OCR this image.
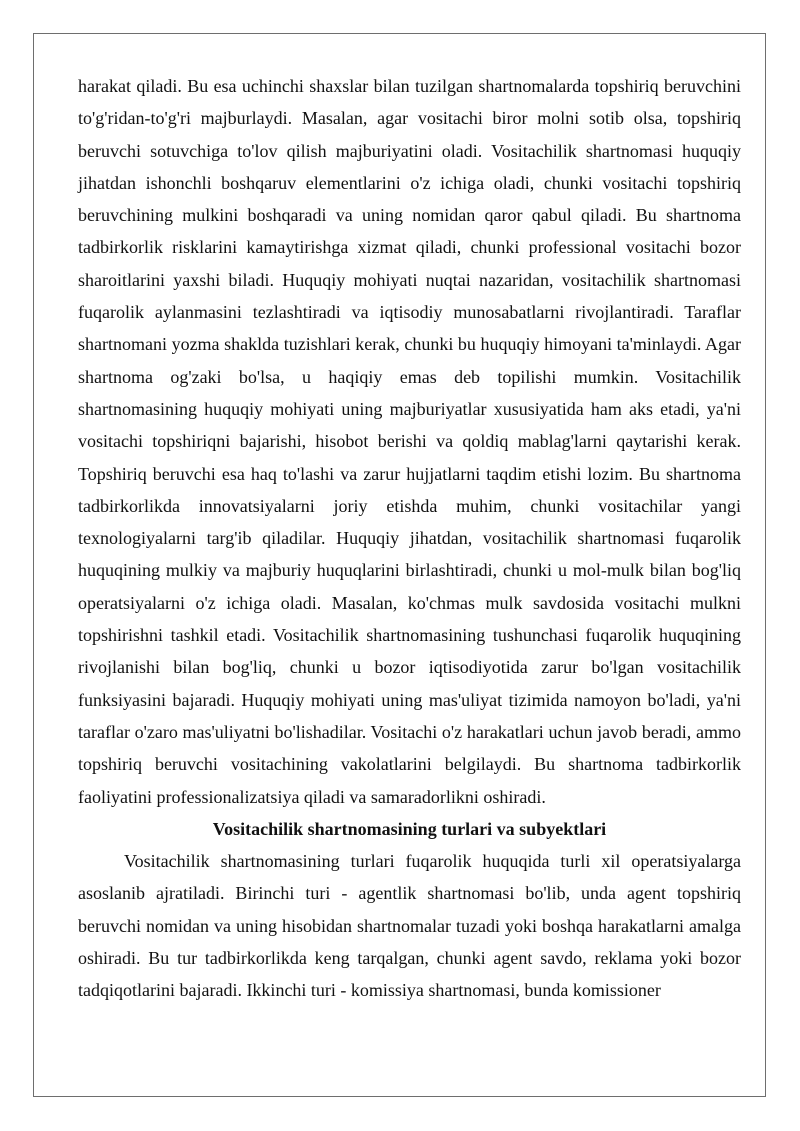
harakat qiladi. Bu esa uchinchi shaxslar bilan tuzilgan shartnomalarda topshiriq beruvchini to'g'ridan-to'g'ri majburlaydi. Masalan, agar vositachi biror molni sotib olsa, topshiriq beruvchi sotuvchiga to'lov qilish majburiyatini oladi. Vositachilik shartnomasi huquqiy jihatdan ishonchli boshqaruv elementlarini o'z ichiga oladi, chunki vositachi topshiriq beruvchining mulkini boshqaradi va uning nomidan qaror qabul qiladi. Bu shartnoma tadbirkorlik risklarini kamaytirishga xizmat qiladi, chunki professional vositachi bozor sharoitlarini yaxshi biladi. Huquqiy mohiyati nuqtai nazaridan, vositachilik shartnomasi fuqarolik aylanmasini tezlashtiradi va iqtisodiy munosabatlarni rivojlantiradi. Taraflar shartnomani yozma shaklda tuzishlari kerak, chunki bu huquqiy himoyani ta'minlaydi. Agar shartnoma og'zaki bo'lsa, u haqiqiy emas deb topilishi mumkin. Vositachilik shartnomasining huquqiy mohiyati uning majburiyatlar xususiyatida ham aks etadi, ya'ni vositachi topshiriqni bajarishi, hisobot berishi va qoldiq mablag'larni qaytarishi kerak. Topshiriq beruvchi esa haq to'lashi va zarur hujjatlarni taqdim etishi lozim. Bu shartnoma tadbirkorlikda innovatsiyalarni joriy etishda muhim, chunki vositachilar yangi texnologiyalarni targ'ib qiladilar. Huquqiy jihatdan, vositachilik shartnomasi fuqarolik huquqining mulkiy va majburiy huquqlarini birlashtiradi, chunki u mol-mulk bilan bog'liq operatsiyalarni o'z ichiga oladi. Masalan, ko'chmas mulk savdosida vositachi mulkni topshirishni tashkil etadi. Vositachilik shartnomasining tushunchasi fuqarolik huquqining rivojlanishi bilan bog'liq, chunki u bozor iqtisodiyotida zarur bo'lgan vositachilik funksiyasini bajaradi. Huquqiy mohiyati uning mas'uliyat tizimida namoyon bo'ladi, ya'ni taraflar o'zaro mas'uliyatni bo'lishadilar. Vositachi o'z harakatlari uchun javob beradi, ammo topshiriq beruvchi vositachining vakolatlarini belgilaydi. Bu shartnoma tadbirkorlik faoliyatini professionalizatsiya qiladi va samaradorlikni oshiradi.

Vositachilik shartnomasining turlari va subyektlari

Vositachilik shartnomasining turlari fuqarolik huquqida turli xil operatsiyalarga asoslanib ajratiladi. Birinchi turi - agentlik shartnomasi bo'lib, unda agent topshiriq beruvchi nomidan va uning hisobidan shartnomalar tuzadi yoki boshqa harakatlarni amalga oshiradi. Bu tur tadbirkorlikda keng tarqalgan, chunki agent savdo, reklama yoki bozor tadqiqotlarini bajaradi. Ikkinchi turi - komissiya shartnomasi, bunda komissioner
